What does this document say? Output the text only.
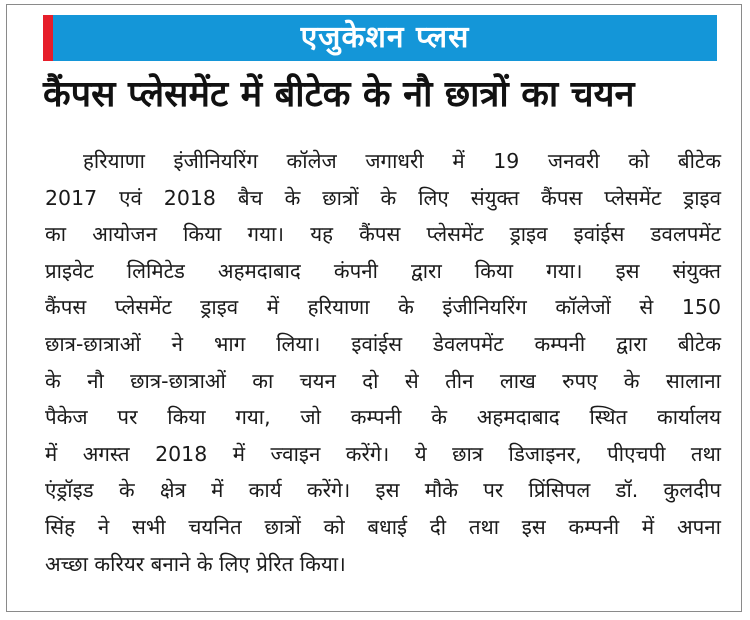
एजुकेशन प्लस
कैंपस प्लेसमेंट में बीटेक के नौ छात्रों का चयन
हरियाणा इंजीनियरिंग कॉलेज जगाधरी में 19 जनवरी को बीटेक
2017 एवं 2018 बैच के छात्रों के लिए संयुक्त कैंपस प्लेसमेंट ड्राइव
का आयोजन किया गया। यह कैंपस प्लेसमेंट ड्राइव इवांईस डवलपमेंट
प्राइवेट लिमिटेड अहमदाबाद कंपनी द्वारा किया गया। इस संयुक्त
कैंपस प्लेसमेंट ड्राइव में हरियाणा के इंजीनियरिंग कॉलेजों से 150
छात्र-छात्राओं ने भाग लिया। इवांईस डेवलपमेंट कम्पनी द्वारा बीटेक
के नौ छात्र-छात्राओं का चयन दो से तीन लाख रुपए के सालाना
पैकेज पर किया गया, जो कम्पनी के अहमदाबाद स्थित कार्यालय
में अगस्त 2018 में ज्वाइन करेंगे। ये छात्र डिजाइनर, पीएचपी तथा
एंड्रॉइड के क्षेत्र में कार्य करेंगे। इस मौके पर प्रिंसिपल डॉ. कुलदीप
सिंह ने सभी चयनित छात्रों को बधाई दी तथा इस कम्पनी में अपना
अच्छा करियर बनाने के लिए प्रेरित किया।
